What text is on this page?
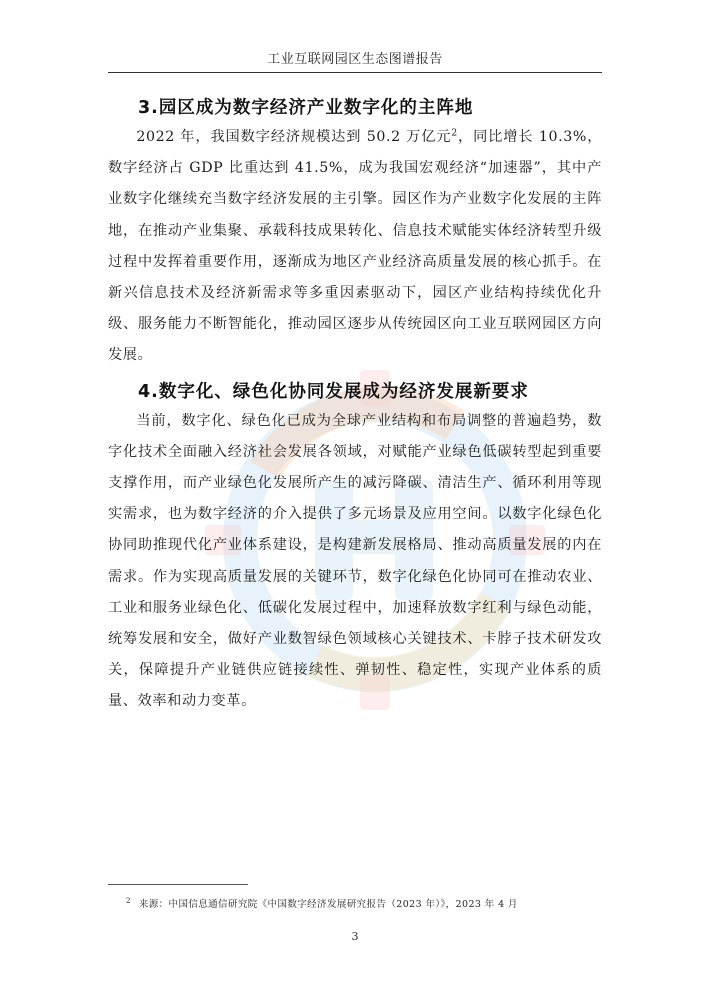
工业互联网园区生态图谱报告
3.园区成为数字经济产业数字化的主阵地

2022 年，我国数字经济规模达到 50.2 万亿元$^2$，同比增长 10.3%，数字经济占 GDP 比重达到 41.5%，成为我国宏观经济“加速器”，其中产业数字化继续充当数字经济发展的主引擎。园区作为产业数字化发展的主阵地，在推动产业集聚、承载科技成果转化、信息技术赋能实体经济转型升级过程中发挥着重要作用，逐渐成为地区产业经济高质量发展的核心抓手。在新兴信息技术及经济新需求等多重因素驱动下，园区产业结构持续优化升级、服务能力不断智能化，推动园区逐步从传统园区向工业互联网园区方向发展。

4.数字化、绿色化协同发展成为经济发展新要求

当前，数字化、绿色化已成为全球产业结构和布局调整的普遍趋势，数字化技术全面融入经济社会发展各领域，对赋能产业绿色低碳转型起到重要支撑作用，而产业绿色化发展所产生的减污降碳、清洁生产、循环利用等现实需求，也为数字经济的介入提供了多元场景及应用空间。以数字化绿色化协同助推现代化产业体系建设，是构建新发展格局、推动高质量发展的内在需求。作为实现高质量发展的关键环节，数字化绿色化协同可在推动农业、工业和服务业绿色化、低碳化发展过程中，加速释放数字红利与绿色动能，统筹发展和安全，做好产业数智绿色领域核心关键技术、卡脖子技术研发攻关，保障提升产业链供应链接续性、弹韧性、稳定性，实现产业体系的质量、效率和动力变革。

$^2$ 来源：中国信息通信研究院《中国数字经济发展研究报告（2023 年）》，2023 年 4 月
3
